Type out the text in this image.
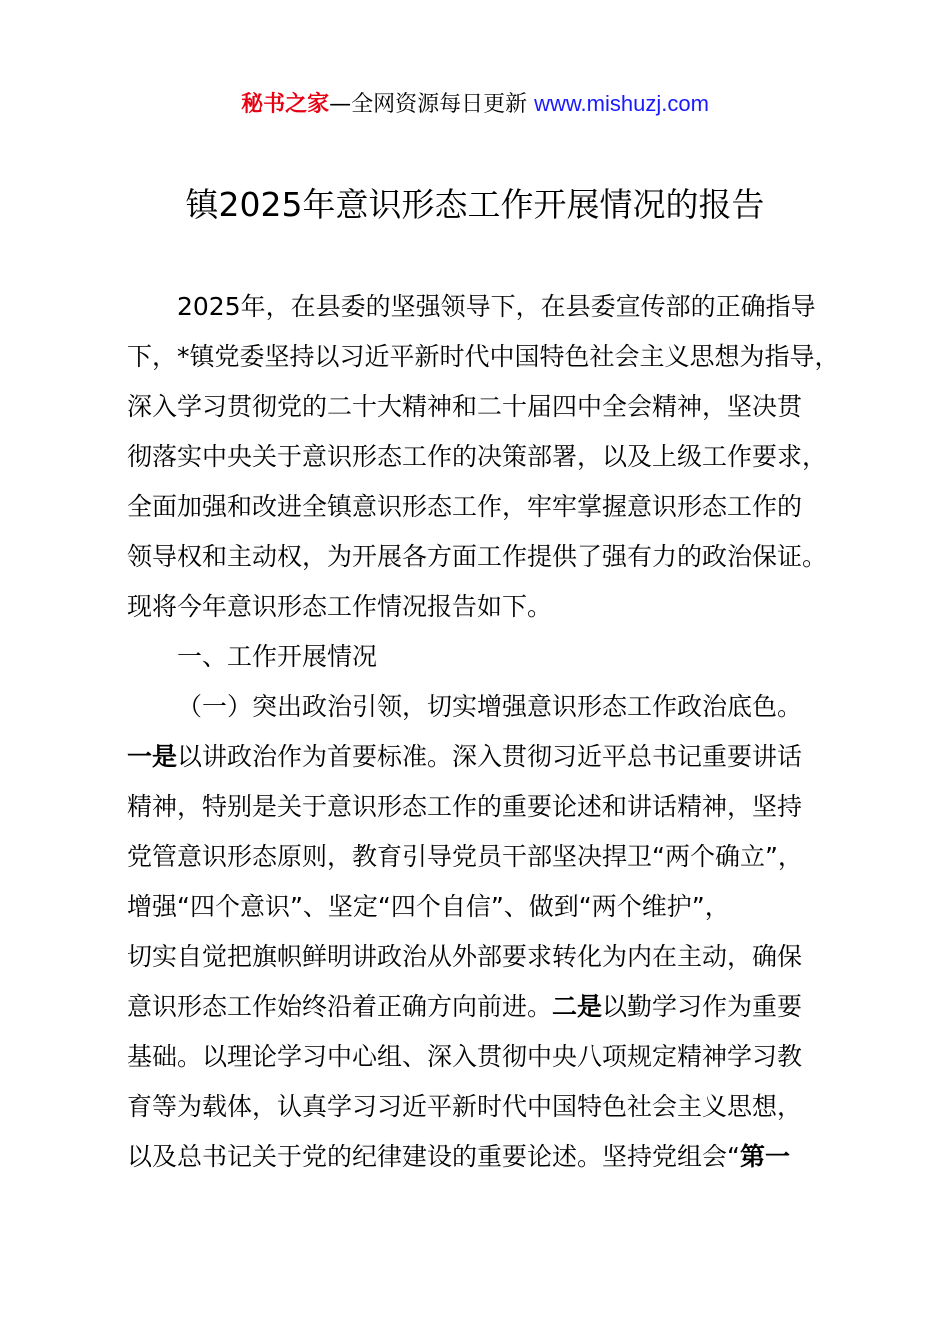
秘书之家—全网资源每日更新 www.mishuzj.com
镇2025年意识形态工作开展情况的报告

2025年，在县委的坚强领导下，在县委宣传部的正确指导

下，*镇党委坚持以习近平新时代中国特色社会主义思想为指导，

深入学习贯彻党的二十大精神和二十届四中全会精神，坚决贯

彻落实中央关于意识形态工作的决策部署，以及上级工作要求，

全面加强和改进全镇意识形态工作，牢牢掌握意识形态工作的

领导权和主动权，为开展各方面工作提供了强有力的政治保证。

现将今年意识形态工作情况报告如下。

一、工作开展情况

（一）突出政治引领，切实增强意识形态工作政治底色。

一是以讲政治作为首要标准。深入贯彻习近平总书记重要讲话

精神，特别是关于意识形态工作的重要论述和讲话精神，坚持

党管意识形态原则，教育引导党员干部坚决捍卫“两个确立”，

增强“四个意识”、坚定“四个自信”、做到“两个维护”，

切实自觉把旗帜鲜明讲政治从外部要求转化为内在主动，确保

意识形态工作始终沿着正确方向前进。二是以勤学习作为重要

基础。以理论学习中心组、深入贯彻中央八项规定精神学习教

育等为载体，认真学习习近平新时代中国特色社会主义思想，

以及总书记关于党的纪律建设的重要论述。坚持党组会“第一
